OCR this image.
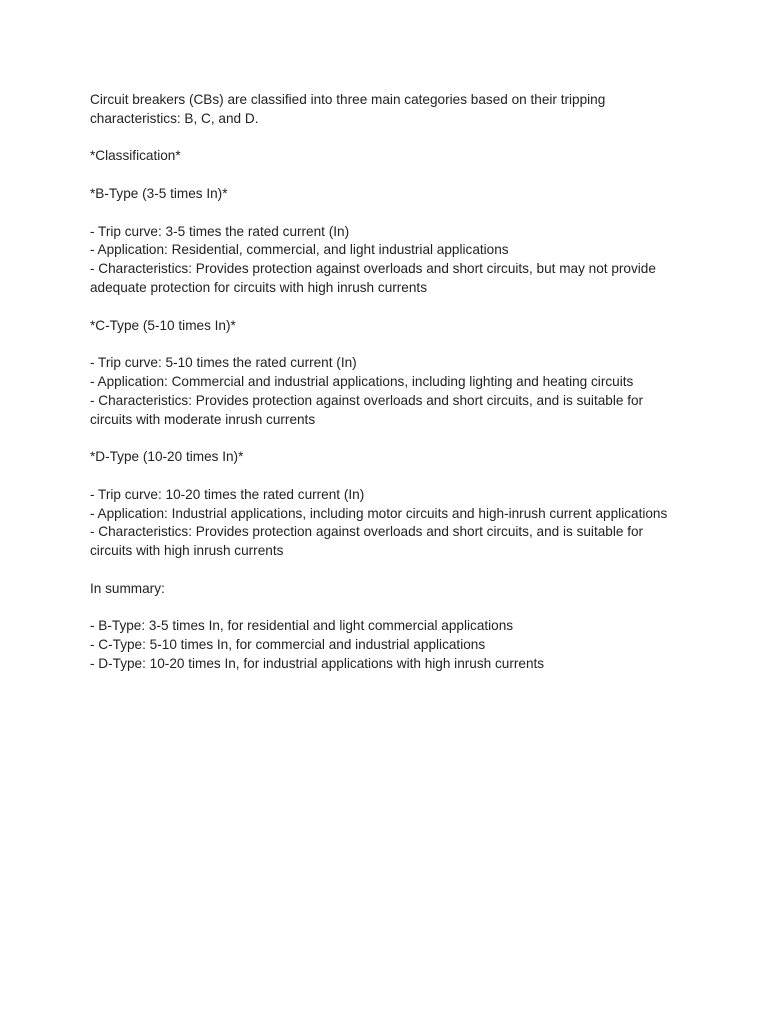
Circuit breakers (CBs) are classified into three main categories based on their tripping
characteristics: B, C, and D.
*Classification*
*B-Type (3-5 times In)*
- Trip curve: 3-5 times the rated current (In)
- Application: Residential, commercial, and light industrial applications
- Characteristics: Provides protection against overloads and short circuits, but may not provide
adequate protection for circuits with high inrush currents
*C-Type (5-10 times In)*
- Trip curve: 5-10 times the rated current (In)
- Application: Commercial and industrial applications, including lighting and heating circuits
- Characteristics: Provides protection against overloads and short circuits, and is suitable for
circuits with moderate inrush currents
*D-Type (10-20 times In)*
- Trip curve: 10-20 times the rated current (In)
- Application: Industrial applications, including motor circuits and high-inrush current applications
- Characteristics: Provides protection against overloads and short circuits, and is suitable for
circuits with high inrush currents
In summary:
- B-Type: 3-5 times In, for residential and light commercial applications
- C-Type: 5-10 times In, for commercial and industrial applications
- D-Type: 10-20 times In, for industrial applications with high inrush currents
